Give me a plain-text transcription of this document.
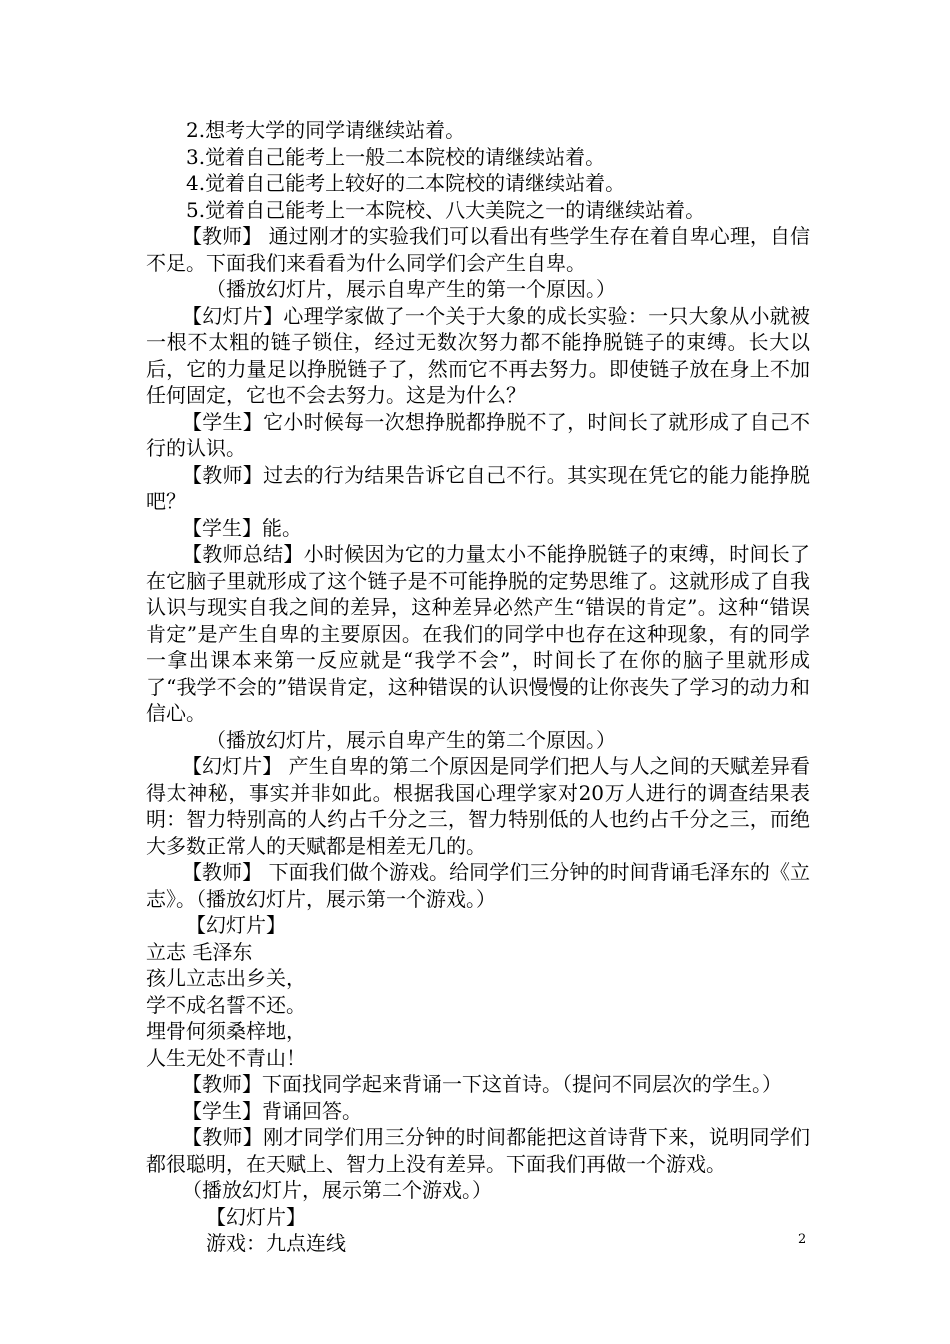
2.想考大学的同学请继续站着。

3.觉着自己能考上一般二本院校的请继续站着。

4.觉着自己能考上较好的二本院校的请继续站着。

5.觉着自己能考上一本院校、八大美院之一的请继续站着。

【教师】 通过刚才的实验我们可以看出有些学生存在着自卑心理，自信不足。下面我们来看看为什么同学们会产生自卑。

（播放幻灯片，展示自卑产生的第一个原因。）

【幻灯片】心理学家做了一个关于大象的成长实验：一只大象从小就被一根不太粗的链子锁住，经过无数次努力都不能挣脱链子的束缚。长大以后，它的力量足以挣脱链子了，然而它不再去努力。即使链子放在身上不加任何固定，它也不会去努力。这是为什么？

【学生】它小时候每一次想挣脱都挣脱不了，时间长了就形成了自己不行的认识。

【教师】过去的行为结果告诉它自己不行。其实现在凭它的能力能挣脱吧？

【学生】能。

【教师总结】小时候因为它的力量太小不能挣脱链子的束缚，时间长了在它脑子里就形成了这个链子是不可能挣脱的定势思维了。这就形成了自我认识与现实自我之间的差异，这种差异必然产生“错误的肯定”。这种“错误肯定”是产生自卑的主要原因。在我们的同学中也存在这种现象，有的同学一拿出课本来第一反应就是“我学不会”，时间长了在你的脑子里就形成了“我学不会的”错误肯定，这种错误的认识慢慢的让你丧失了学习的动力和信心。

（播放幻灯片，展示自卑产生的第二个原因。）

【幻灯片】 产生自卑的第二个原因是同学们把人与人之间的天赋差异看得太神秘，事实并非如此。根据我国心理学家对20万人进行的调查结果表明：智力特别高的人约占千分之三，智力特别低的人也约占千分之三，而绝大多数正常人的天赋都是相差无几的。

【教师】 下面我们做个游戏。给同学们三分钟的时间背诵毛泽东的《立志》。（播放幻灯片，展示第一个游戏。）

【幻灯片】

立志 毛泽东

孩儿立志出乡关，

学不成名誓不还。

埋骨何须桑梓地，

人生无处不青山！

【教师】下面找同学起来背诵一下这首诗。（提问不同层次的学生。）

【学生】背诵回答。

【教师】刚才同学们用三分钟的时间都能把这首诗背下来，说明同学们都很聪明，在天赋上、智力上没有差异。下面我们再做一个游戏。

（播放幻灯片，展示第二个游戏。）

【幻灯片】

游戏：九点连线	2
